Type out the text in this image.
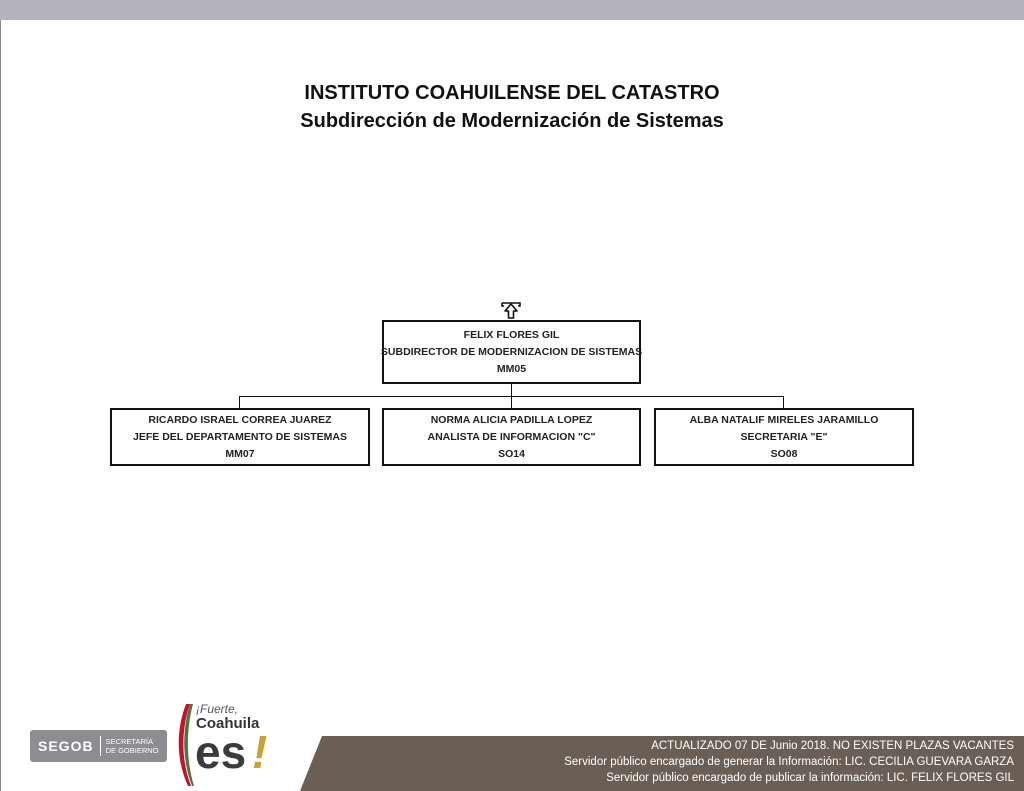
INSTITUTO COAHUILENSE DEL CATASTRO
Subdirección de Modernización de Sistemas
FELIX FLORES GIL
SUBDIRECTOR DE MODERNIZACION DE SISTEMAS
MM05
RICARDO ISRAEL CORREA JUAREZ
JEFE DEL DEPARTAMENTO DE SISTEMAS
MM07
NORMA ALICIA PADILLA LOPEZ
ANALISTA DE INFORMACION "C"
SO14
ALBA NATALIF MIRELES JARAMILLO
SECRETARIA "E"
SO08
ACTUALIZADO 07 DE Junio 2018. NO EXISTEN PLAZAS VACANTES
Servidor público encargado de generar la Información: LIC. CECILIA GUEVARA GARZA
Servidor público encargado de publicar la información: LIC. FELIX FLORES GIL
SEGOB	SECRETARÍA
DE GOBIERNO
¡Fuerte,
Coahuila
es !
